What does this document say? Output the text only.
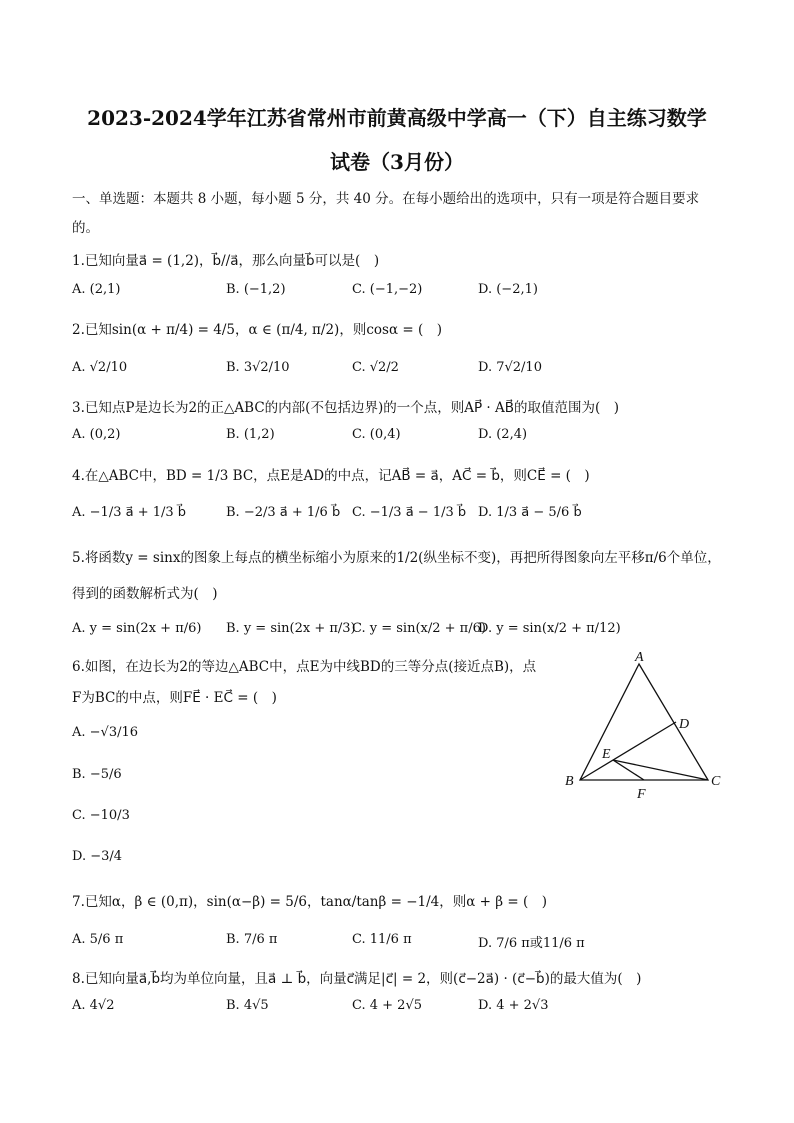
2023-2024学年江苏省常州市前黄高级中学高一（下）自主练习数学
试卷（3月份）
一、单选题：本题共 8 小题，每小题 5 分，共 40 分。在每小题给出的选项中，只有一项是符合题目要求
的。
1.已知向量a⃗ = (1,2)，b⃗//a⃗，那么向量b⃗可以是(　)
A. (2,1)	B. (−1,2)	C. (−1,−2)	D. (−2,1)
2.已知sin(α + π/4) = 4/5，α ∈ (π/4, π/2)，则cosα = (　)
A. √2/10	B. 3√2/10	C. √2/2	D. 7√2/10
3.已知点P是边长为2的正△ABC的内部(不包括边界)的一个点，则AP⃗ · AB⃗的取值范围为(　)
A. (0,2)	B. (1,2)	C. (0,4)	D. (2,4)
4.在△ABC中，BD = 1/3 BC，点E是AD的中点，记AB⃗ = a⃗，AC⃗ = b⃗，则CE⃗ = (　)
A. −1/3 a⃗ + 1/3 b⃗	B. −2/3 a⃗ + 1/6 b⃗ C. −1/3 a⃗ − 1/3 b⃗ D. 1/3 a⃗ − 5/6 b⃗
5.将函数y = sinx的图象上每点的横坐标缩小为原来的1/2(纵坐标不变)，再把所得图象向左平移π/6个单位，
得到的函数解析式为(　)
A. y = sin(2x + π/6) B. y = sin(2x + π/3)
C. y = sin(x/2 + π/6)
D. y = sin(x/2 + π/12)
6.如图，在边长为2的等边△ABC中，点E为中线BD的三等分点(接近点B)，点
F为BC的中点，则FE⃗ · EC⃗ = (　)
A. −√3/16
B. −5/6
C. −10/3
D. −3/4
A
B	C
D
E
F
7.已知α，β ∈ (0,π)，sin(α−β) = 5/6，tanα/tanβ = −1/4，则α + β = (　)
A. 5/6 π	B. 7/6 π	C. 11/6 π	D. 7/6 π或11/6 π
8.已知向量a⃗,b⃗均为单位向量，且a⃗ ⊥ b⃗，向量c⃗满足|c⃗| = 2，则(c⃗−2a⃗) · (c⃗−b⃗)的最大值为(　)
A. 4√2	B. 4√5	C. 4 + 2√5	D. 4 + 2√3
